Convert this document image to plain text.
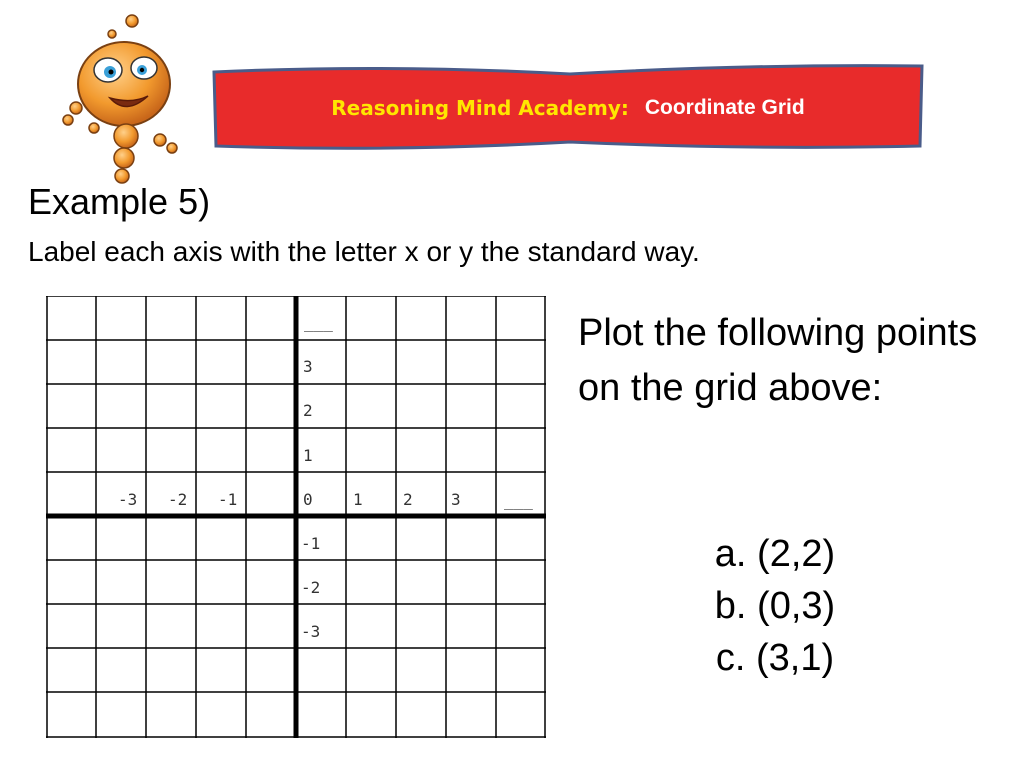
Reasoning Mind Academy: Coordinate Grid
Example 5)
Label each axis with the letter x or y the standard way.
___
3
2
1
-3 -2 -1	0	1	2 3	___
-1
-2
-3
Plot the following points on the grid above:
a. (2,2)
b. (0,3)
c. (3,1)
